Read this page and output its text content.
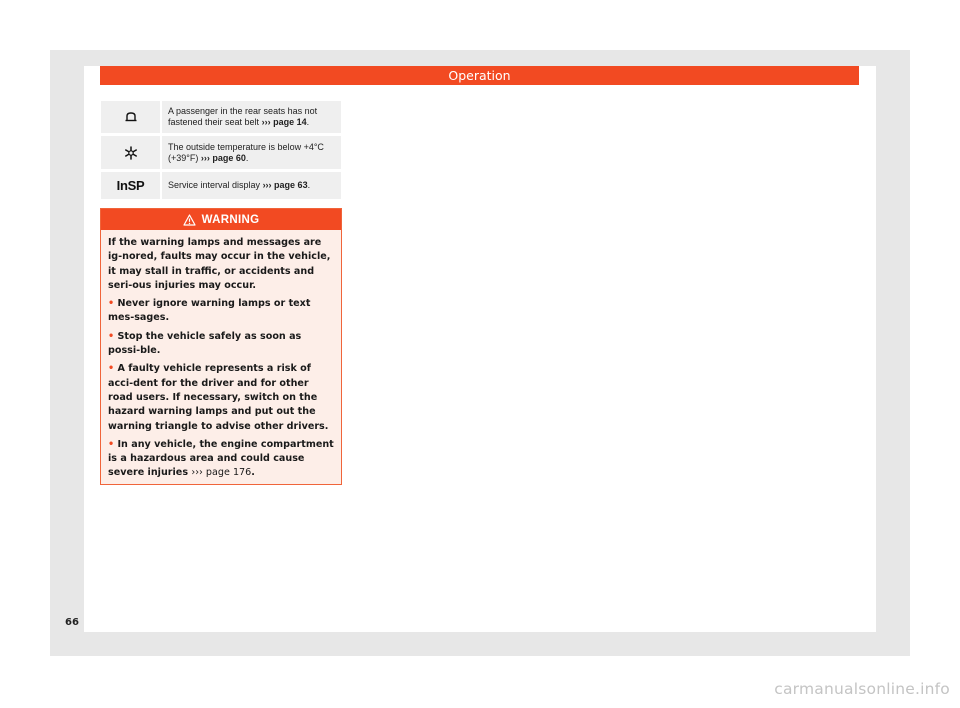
Operation
A passenger in the rear seats has not fastened their seat belt ››› page 14.
The outside temperature is below +4°C (+39°F) ››› page 60.
InSP	Service interval display ››› page 63.
WARNING

If the warning lamps and messages are ig-nored, faults may occur in the vehicle, it may stall in traffic, or accidents and seri-ous injuries may occur.

• Never ignore warning lamps or text mes-sages.

• Stop the vehicle safely as soon as possi-ble.

• A faulty vehicle represents a risk of acci-dent for the driver and for other road users. If necessary, switch on the hazard warning lamps and put out the warning triangle to advise other drivers.

• In any vehicle, the engine compartment is a hazardous area and could cause severe injuries ››› page 176.

66
carmanualsonline.info
